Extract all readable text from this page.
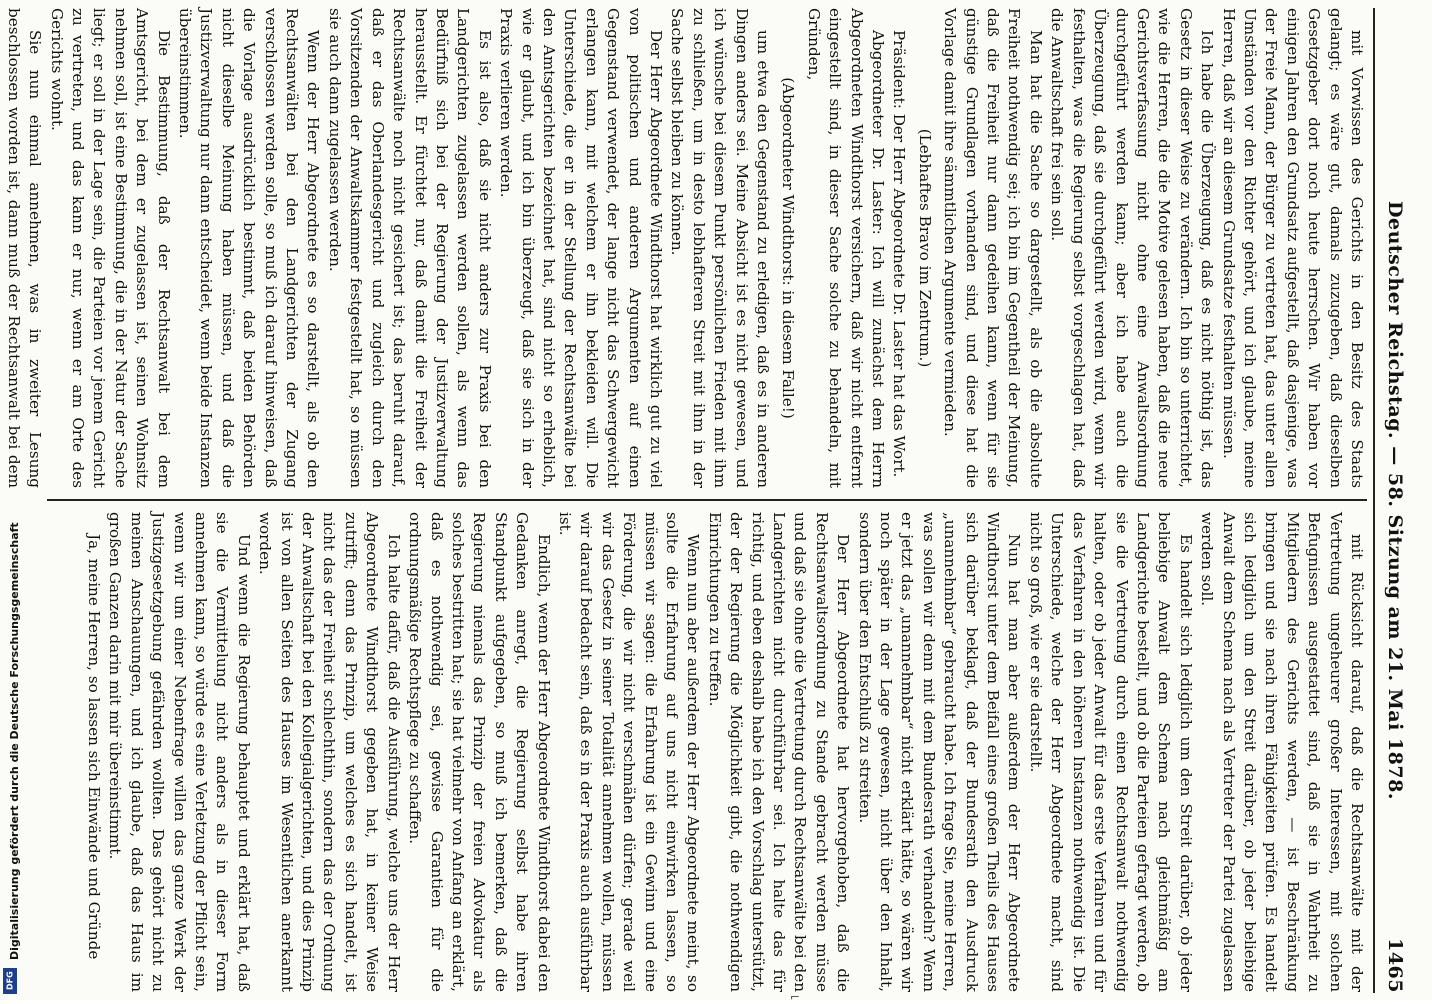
Digitalisierung gefördert durch die Deutsche Forschungsgemeinschaft
DFG
Deutscher Reichstag. — 58. Sitzung am 21. Mai 1878.
1465

mit Vorwissen des Gerichts in den Besitz des Staats gelangt; es wäre gut, damals zuzugeben, daß dieselben Gesetzgeber dort noch heute herrschen. Wir haben vor einigen Jahren den Grundsatz aufgestellt, daß dasjenige, was der Freie Mann, der Bürger zu vertreten hat, das unter allen Umständen vor den Richter gehört, und ich glaube, meine Herren, daß wir an diesem Grundsatze festhalten müssen.

Ich habe die Überzeugung, daß es nicht nöthig ist, das Gesetz in dieser Weise zu verändern. Ich bin so unterrichtet, wie die Herren, die die Motive gelesen haben, daß die neue Gerichtsverfassung nicht ohne eine Anwaltsordnung durchgeführt werden kann; aber ich habe auch die Überzeugung, daß sie durchgeführt werden wird, wenn wir festhalten, was die Regierung selbst vorgeschlagen hat, daß die Anwaltschaft frei sein soll.

Man hat die Sache so dargestellt, als ob die absolute Freiheit nothwendig sei; ich bin im Gegentheil der Meinung, daß die Freiheit nur dann gedeihen kann, wenn für sie günstige Grundlagen vorhanden sind, und diese hat die Vorlage damit ihre sämmtlichen Argumente vermieden.

(Lebhaftes Bravo im Zentrum.)

Präsident: Der Herr Abgeordnete Dr. Laster hat das Wort.

Abgeordneter Dr. Laster: Ich will zunächst dem Herrn Abgeordneten Windthorst versichern, daß wir nicht entfernt eingestellt sind, in dieser Sache solche zu behandeln, mit Gründen,

(Abgeordneter Windthorst: in diesem Falle!)

um etwa den Gegenstand zu erledigen, daß es in anderen Dingen anders sei. Meine Absicht ist es nicht gewesen, und ich wünsche bei diesem Punkt persönlichen Frieden mit ihm zu schließen, um in desto lebhafteren Streit mit ihm in der Sache selbst bleiben zu können.

Der Herr Abgeordnete Windthorst hat wirklich gut zu viel von politischen und anderen Argumenten auf einen Gegenstand verwendet, der lange nicht das Schwergewicht erlangen kann, mit welchem er ihn bekleiden will. Die Unterschiede, die er in der Stellung der Rechtsanwälte bei den Amtsgerichten bezeichnet hat, sind nicht so erheblich, wie er glaubt, und ich bin überzeugt, daß sie sich in der Praxis verlieren werden.

Es ist also, daß sie nicht anders zur Praxis bei den Landgerichten zugelassen werden sollen, als wenn das Bedürfniß sich bei der Regierung der Justizverwaltung herausstellt. Er fürchtet nur, daß damit die Freiheit der Rechtsanwälte noch nicht gesichert ist; das beruht darauf, daß er das Oberlandesgericht und zugleich durch den Vorsitzenden der Anwaltskammer festgestellt hat, so müssen sie auch dann zugelassen werden.

Wenn der Herr Abgeordnete es so darstellt, als ob den Rechtsanwälten bei den Landgerichten der Zugang verschlossen werden solle, so muß ich darauf hinweisen, daß die Vorlage ausdrücklich bestimmt, daß beiden Behörden nicht dieselbe Meinung haben müssen, und daß die Justizverwaltung nur dann entscheidet, wenn beide Instanzen übereinstimmen.

Die Bestimmung, daß der Rechtsanwalt bei dem Amtsgericht, bei dem er zugelassen ist, seinen Wohnsitz nehmen soll, ist eine Bestimmung, die in der Natur der Sache liegt; er soll in der Lage sein, die Parteien vor jenem Gericht zu vertreten, und das kann er nur, wenn er am Orte des Gerichts wohnt.

Sie nun einmal annehmen, was in zweiter Lesung beschlossen worden ist, dann muß der Rechtsanwalt bei dem

mit Rücksicht darauf, daß die Rechtsanwälte mit der Vertretung ungeheurer großer Interessen, mit solchen Befugnissen ausgestattet sind, daß sie in Wahrheit zu Mitgliedern des Gerichts werden, — ist Beschränkung bringen und sie nach ihren Fähigkeiten prüfen. Es handelt sich lediglich um den Streit darüber, ob jeder beliebige Anwalt dem Schema nach als Vertreter der Partei zugelassen werden soll.

Es handelt sich lediglich um den Streit darüber, ob jeder beliebige Anwalt dem Schema nach gleichmäßig am Landgerichte bestellt, und ob die Parteien gefragt werden, ob sie die Vertretung durch einen Rechtsanwalt nothwendig halten, oder ob jeder Anwalt für das erste Verfahren und für das Verfahren in den höheren Instanzen nothwendig ist. Die Unterschiede, welche der Herr Abgeordnete macht, sind nicht so groß, wie er sie darstellt.

Nun hat man aber außerdem der Herr Abgeordnete Windthorst unter dem Beifall eines großen Theils des Hauses sich darüber beklagt, daß der Bundesrath den Ausdruck „unannehmbar“ gebraucht habe. Ich frage Sie, meine Herren, was sollen wir denn mit dem Bundesrath verhandeln? Wenn er jetzt das „unannehmbar“ nicht erklärt hätte, so wären wir noch später in der Lage gewesen, nicht über den Inhalt, sondern über den Entschluß zu streiten.

Der Herr Abgeordnete hat hervorgehoben, daß die Rechtsanwaltsordnung zu Stande gebracht werden müsse und daß sie ohne die Vertretung durch Rechtsanwälte bei den Landgerichten nicht durchführbar sei. Ich halte das für richtig, und eben deshalb habe ich den Vorschlag unterstützt, der der Regierung die Möglichkeit gibt, die nothwendigen Einrichtungen zu treffen.

Wenn nun aber außerdem der Herr Abgeordnete meint, so sollte die Erfahrung auf uns nicht einwirken lassen, so müssen wir sagen: die Erfahrung ist ein Gewinn und eine Förderung, die wir nicht verschmähen dürfen; gerade weil wir das Gesetz in seiner Totalität annehmen wollen, müssen wir darauf bedacht sein, daß es in der Praxis auch ausführbar ist.

Endlich, wenn der Herr Abgeordnete Windthorst dabei den Gedanken anregt, die Regierung selbst habe ihren Standpunkt aufgegeben, so muß ich bemerken, daß die Regierung niemals das Prinzip der freien Advokatur als solches bestritten hat; sie hat vielmehr von Anfang an erklärt, daß es nothwendig sei, gewisse Garantien für die ordnungsmäßige Rechtspflege zu schaffen.

Ich halte dafür, daß die Ausführung, welche uns der Herr Abgeordnete Windthorst gegeben hat, in keiner Weise zutrifft; denn das Prinzip, um welches es sich handelt, ist nicht das der Freiheit schlechthin, sondern das der Ordnung der Anwaltschaft bei den Kollegialgerichten, und dies Prinzip ist von allen Seiten des Hauses im Wesentlichen anerkannt worden.

Und wenn die Regierung behauptet und erklärt hat, daß sie die Vermittelung nicht anders als in dieser Form annehmen kann, so würde es eine Verletzung der Pflicht sein, wenn wir um einer Nebenfrage willen das ganze Werk der Justizgesetzgebung gefährden wollten. Das gehört nicht zu meinen Anschauungen, und ich glaube, daß das Haus im großen Ganzen darin mit mir übereinstimmt.

Ja, meine Herren, so lassen sich Einwände und Gründe

⌐
